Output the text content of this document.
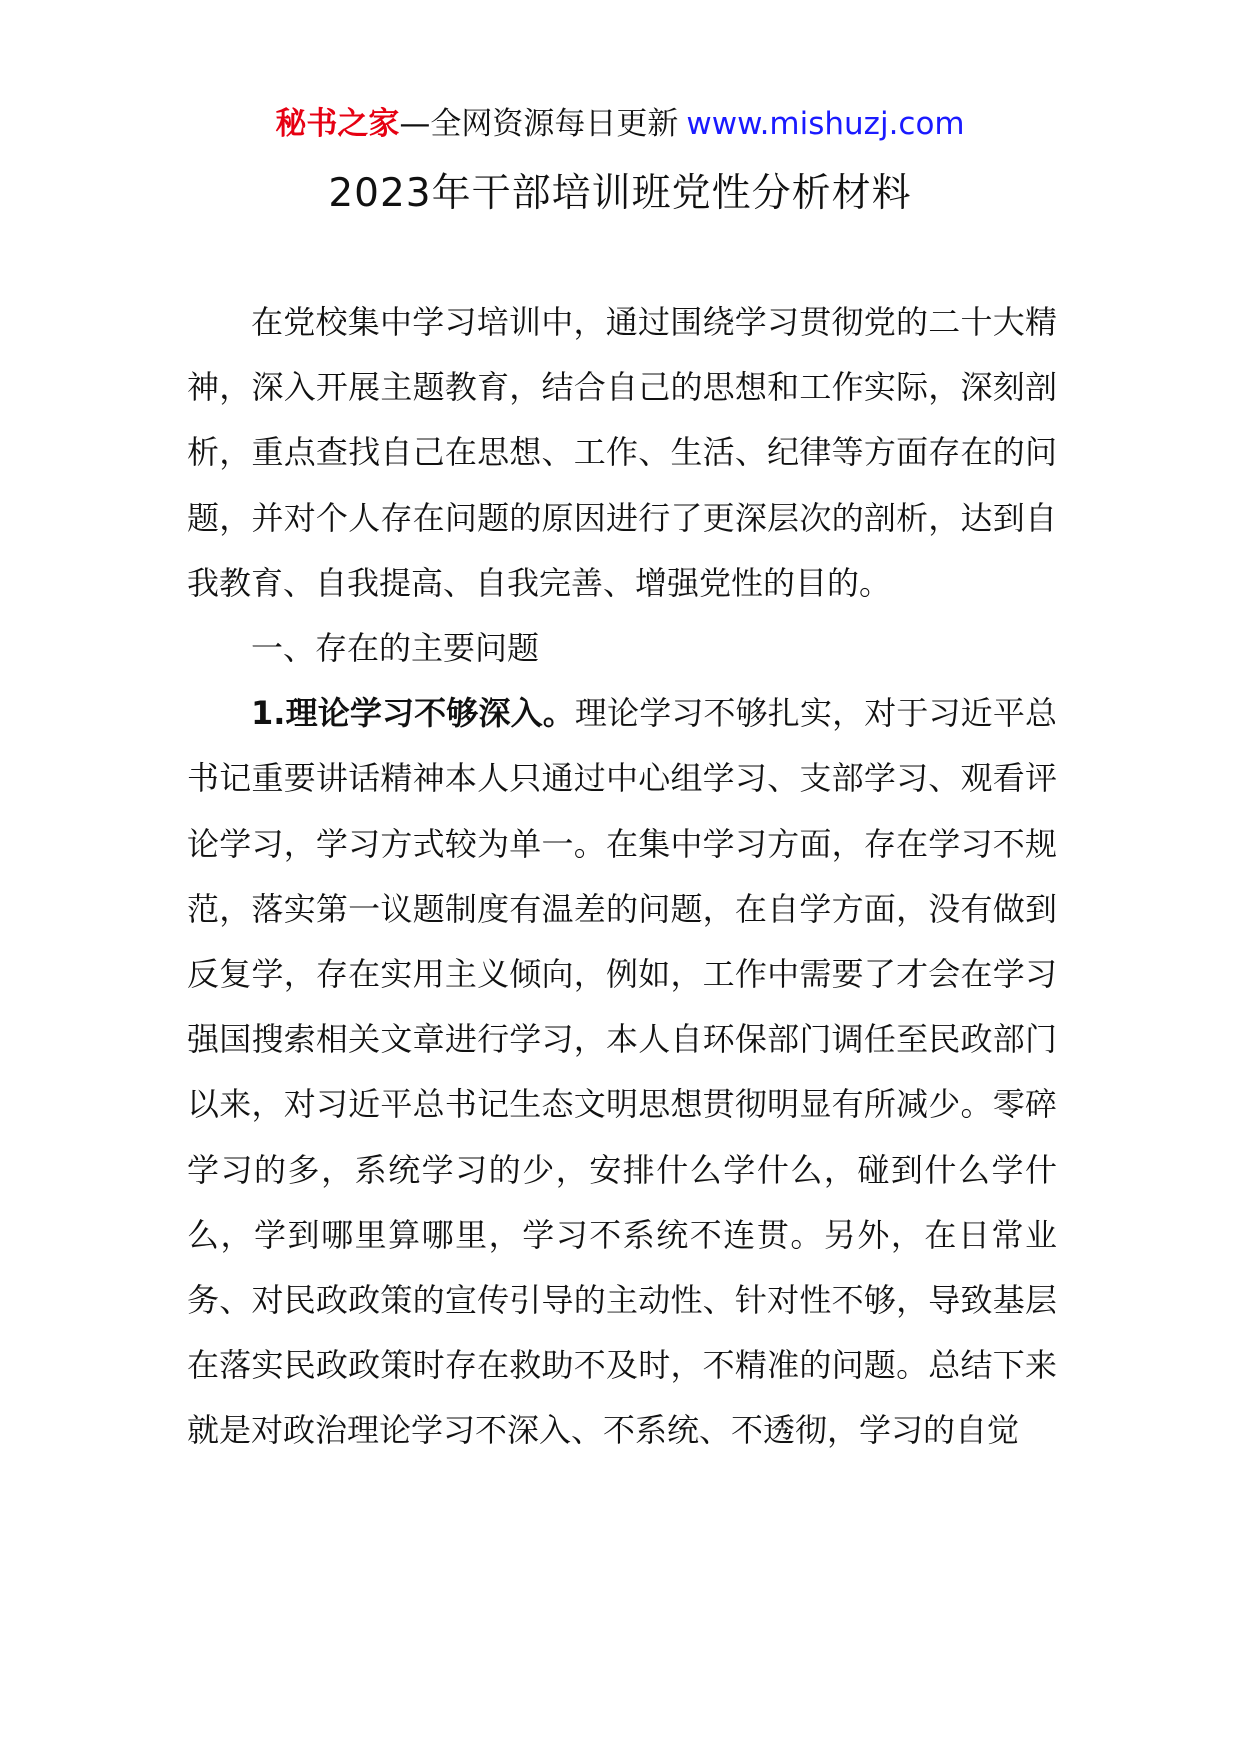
秘书之家—全网资源每日更新 www.mishuzj.com
2023年干部培训班党性分析材料

在党校集中学习培训中，通过围绕学习贯彻党的二十大精神，深入开展主题教育，结合自己的思想和工作实际，深刻剖析，重点查找自己在思想、工作、生活、纪律等方面存在的问题，并对个人存在问题的原因进行了更深层次的剖析，达到自我教育、自我提高、自我完善、增强党性的目的。

一、存在的主要问题

1.理论学习不够深入。理论学习不够扎实，对于习近平总书记重要讲话精神本人只通过中心组学习、支部学习、观看评论学习，学习方式较为单一。在集中学习方面，存在学习不规范，落实第一议题制度有温差的问题，在自学方面，没有做到反复学，存在实用主义倾向，例如，工作中需要了才会在学习强国搜索相关文章进行学习，本人自环保部门调任至民政部门以来，对习近平总书记生态文明思想贯彻明显有所减少。零碎学习的多，系统学习的少，安排什么学什么，碰到什么学什么，学到哪里算哪里，学习不系统不连贯。另外，在日常业务、对民政政策的宣传引导的主动性、针对性不够，导致基层在落实民政政策时存在救助不及时，不精准的问题。总结下来就是对政治理论学习不深入、不系统、不透彻，学习的自觉
